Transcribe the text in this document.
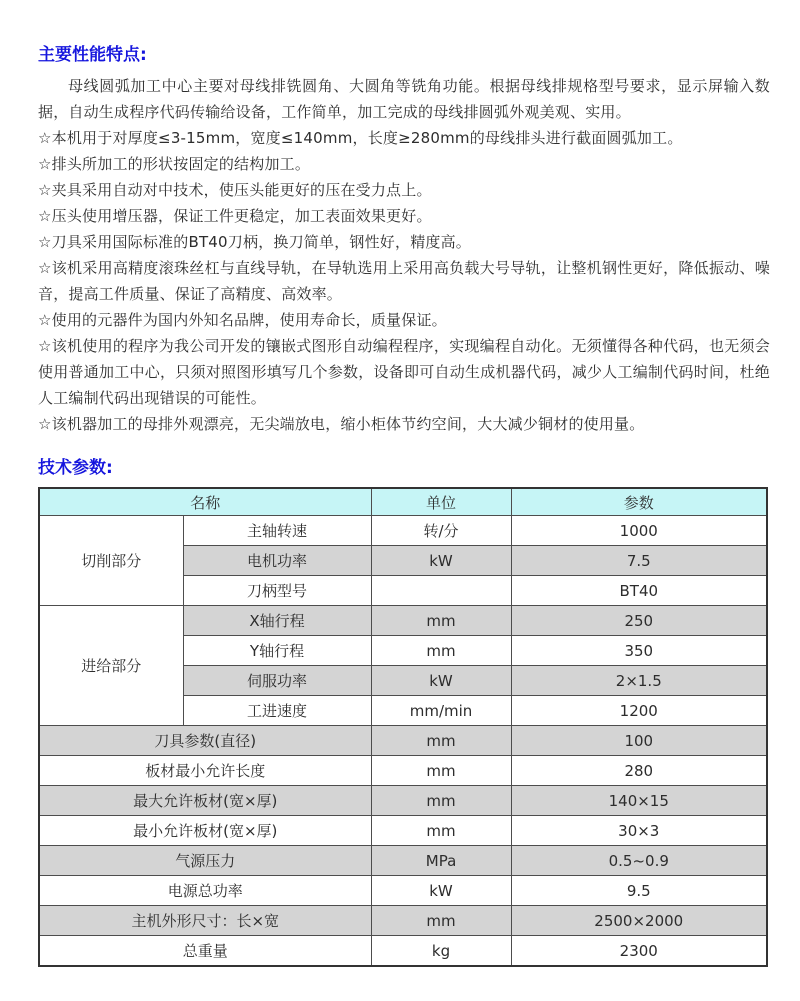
主要性能特点:

母线圆弧加工中心主要对母线排铣圆角、大圆角等铣角功能。根据母线排规格型号要求，显示屏输入数据，自动生成程序代码传输给设备，工作简单，加工完成的母线排圆弧外观美观、实用。

☆本机用于对厚度≤3-15mm，宽度≤140mm，长度≥280mm的母线排头进行截面圆弧加工。

☆排头所加工的形状按固定的结构加工。

☆夹具采用自动对中技术，使压头能更好的压在受力点上。

☆压头使用增压器，保证工件更稳定，加工表面效果更好。

☆刀具采用国际标准的BT40刀柄，换刀简单，钢性好，精度高。

☆该机采用高精度滚珠丝杠与直线导轨，在导轨选用上采用高负载大号导轨，让整机钢性更好，降低振动、噪音，提高工件质量、保证了高精度、高效率。

☆使用的元器件为国内外知名品牌，使用寿命长，质量保证。

☆该机使用的程序为我公司开发的镶嵌式图形自动编程程序，实现编程自动化。无须懂得各种代码，也无须会使用普通加工中心，只须对照图形填写几个参数，设备即可自动生成机器代码，减少人工编制代码时间，杜绝人工编制代码出现错误的可能性。

☆该机器加工的母排外观漂亮，无尖端放电，缩小柜体节约空间，大大减少铜材的使用量。

技术参数:
名称		单位	参数
切削部分	主轴转速	转/分	1000
	电机功率	kW	7.5
	刀柄型号		BT40
进给部分	X轴行程	mm	250
	Y轴行程	mm	350
	伺服功率	kW	2×1.5
	工进速度	mm/min	1200
刀具参数(直径)		mm	100
板材最小允许长度		mm	280
最大允许板材(宽×厚)		mm	140×15
最小允许板材(宽×厚)		mm	30×3
气源压力		MPa	0.5~0.9
电源总功率		kW	9.5
主机外形尺寸：长×宽		mm	2500×2000
总重量		kg	2300
